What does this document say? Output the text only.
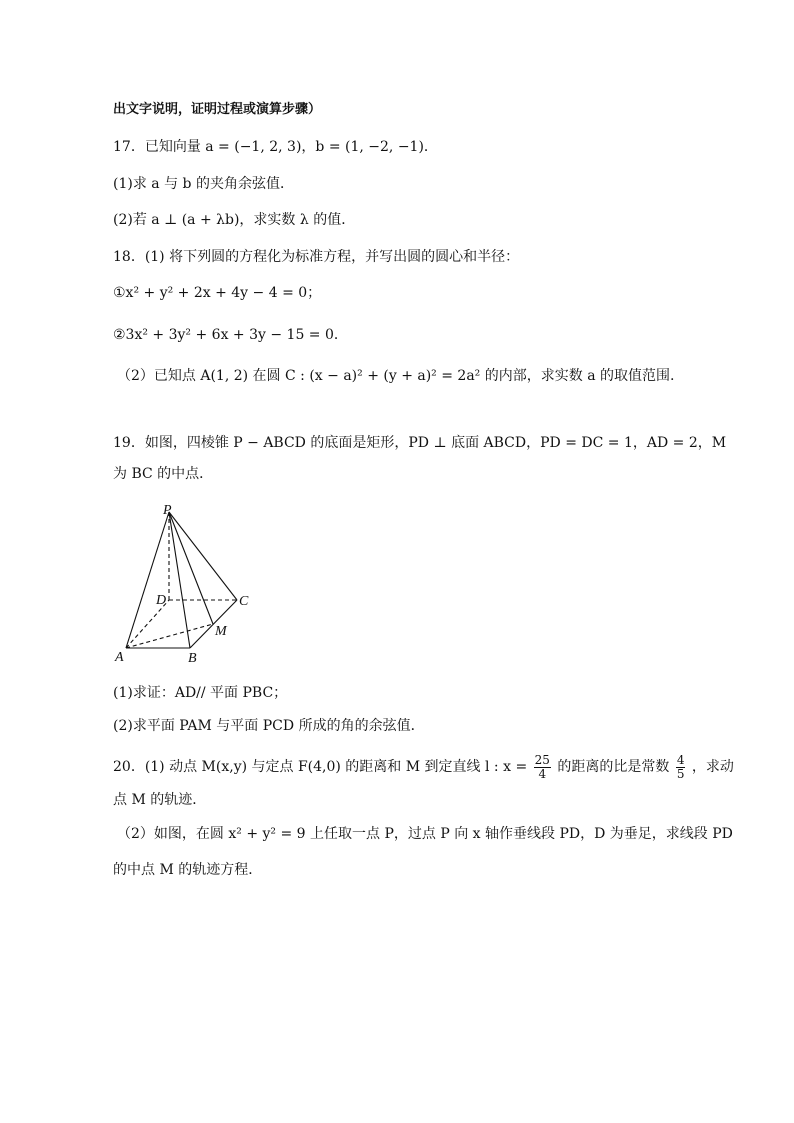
出文字说明，证明过程或演算步骤）
17．已知向量 a = (−1, 2, 3)，b = (1, −2, −1)．
(1)求 a 与 b 的夹角余弦值．
(2)若 a ⊥ (a + λb)，求实数 λ 的值．
18．(1) 将下列圆的方程化为标准方程，并写出圆的圆心和半径：
①x² + y² + 2x + 4y − 4 = 0；
②3x² + 3y² + 6x + 3y − 15 = 0．
（2）已知点 A(1, 2) 在圆 C : (x − a)² + (y + a)² = 2a² 的内部，求实数 a 的取值范围.
19．如图，四棱锥 P − ABCD 的底面是矩形，PD ⊥ 底面 ABCD，PD = DC = 1，AD = 2，M
为 BC 的中点．
P
D	C
M
A	B
(1)求证：AD// 平面 PBC；
(2)求平面 PAM 与平面 PCD 所成的角的余弦值．
20．(1) 动点 M(x,y) 与定点 F(4,0) 的距离和 M 到定直线 l : $x = \frac{25}{4}$ 的距离的比是常数 $\frac{4}{5}$ ，求动
点 M 的轨迹．
（2）如图，在圆 x² + y² = 9 上任取一点 P，过点 P 向 x 轴作垂线段 PD，D 为垂足，求线段 PD
的中点 M 的轨迹方程．
